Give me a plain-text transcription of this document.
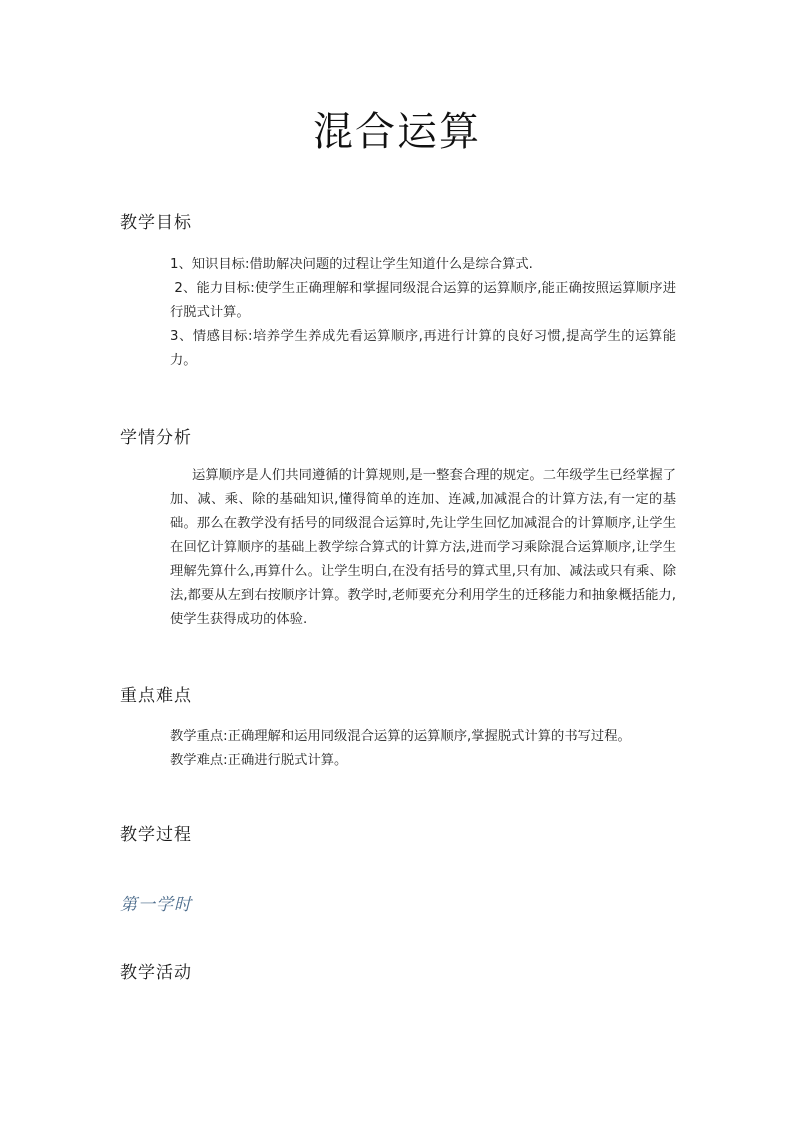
混合运算
教学目标

1、知识目标:借助解决问题的过程让学生知道什么是综合算式.

2、能力目标:使学生正确理解和掌握同级混合运算的运算顺序,能正确按照运算顺序进行脱式计算。

3、情感目标:培养学生养成先看运算顺序,再进行计算的良好习惯,提高学生的运算能力。

学情分析

运算顺序是人们共同遵循的计算规则,是一整套合理的规定。二年级学生已经掌握了加、减、乘、除的基础知识,懂得简单的连加、连减,加减混合的计算方法,有一定的基础。那么在教学没有括号的同级混合运算时,先让学生回忆加减混合的计算顺序,让学生在回忆计算顺序的基础上教学综合算式的计算方法,进而学习乘除混合运算顺序,让学生理解先算什么,再算什么。让学生明白,在没有括号的算式里,只有加、减法或只有乘、除法,都要从左到右按顺序计算。教学时,老师要充分利用学生的迁移能力和抽象概括能力,使学生获得成功的体验.

重点难点

教学重点:正确理解和运用同级混合运算的运算顺序,掌握脱式计算的书写过程。

教学难点:正确进行脱式计算。

教学过程
第一学时
教学活动
